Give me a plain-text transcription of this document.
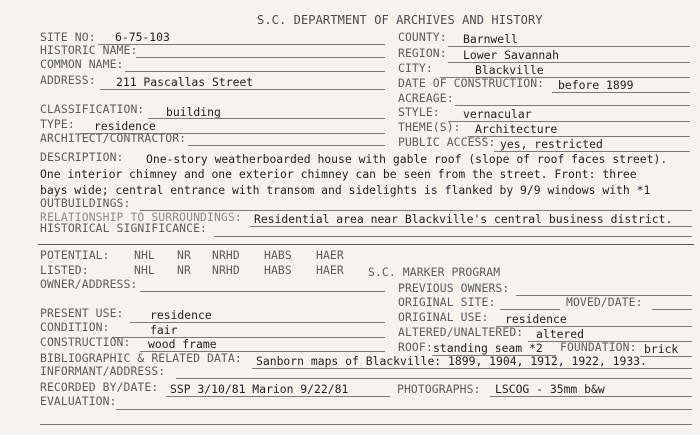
S.C. DEPARTMENT OF ARCHIVES AND HISTORY
SITE NO: 6-75-103	COUNTY: Barnwell
HISTORIC NAME:	REGION: Lower Savannah
COMMON NAME:	CITY:	Blackville
ADDRESS: 211 Pascallas Street	DATE OF CONSTRUCTION: before 1899
ACREAGE:
CLASSIFICATION: building	STYLE: vernacular
TYPE: residence	THEME(S): Architecture
ARCHITECT/CONTRACTOR:	PUBLIC ACCESS: yes, restricted
DESCRIPTION: One-story weatherboarded house with gable roof (slope of roof faces street).
One interior chimney and one exterior chimney can be seen from the street. Front: three
bays wide; central entrance with transom and sidelights is flanked by 9/9 windows with *1
OUTBUILDINGS:
RELATIONSHIP TO SURROUNDINGS: Residential area near Blackville's central business district.
HISTORICAL SIGNIFICANCE:
POTENTIAL: NHL NR NRHD HABS HAER
LISTED:	NHL NR NRHD HABS HAER S.C. MARKER PROGRAM
OWNER/ADDRESS:	PREVIOUS OWNERS:
ORIGINAL SITE:	MOVED/DATE:
PRESENT USE: residence	ORIGINAL USE: residence
CONDITION:	fair	ALTERED/UNALTERED: altered
CONSTRUCTION: wood frame	ROOF: standing seam *2 FOUNDATION: brick
BIBLIOGRAPHIC & RELATED DATA: Sanborn maps of Blackville: 1899, 1904, 1912, 1922, 1933.
INFORMANT/ADDRESS:
RECORDED BY/DATE: SSP 3/10/81 Marion 9/22/81	PHOTOGRAPHS: LSCOG - 35mm b&w
EVALUATION:
